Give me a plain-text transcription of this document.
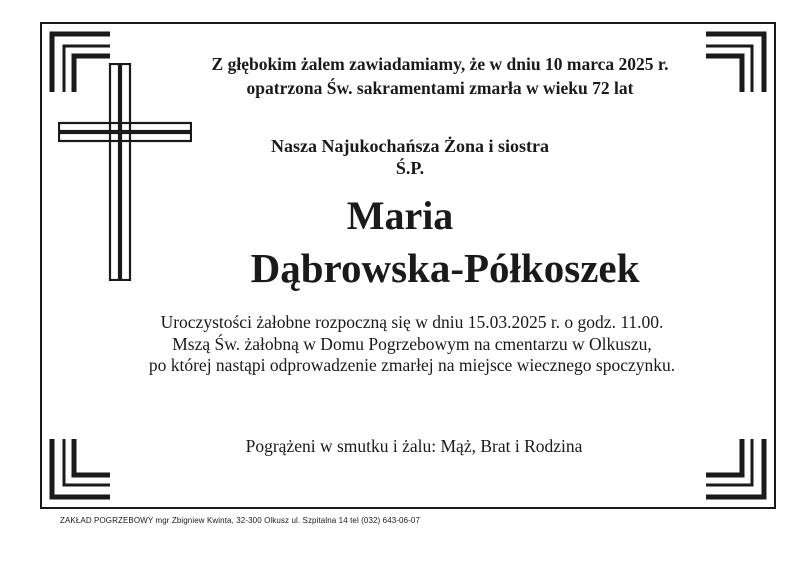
Z głębokim żalem zawiadamiamy, że w dniu 10 marca 2025 r.
opatrzona Św. sakramentami zmarła w wieku 72 lat
Nasza Najukochańsza Żona i siostra
Ś.P.
Maria
Dąbrowska-Półkoszek
Uroczystości żałobne rozpoczną się w dniu 15.03.2025 r. o godz. 11.00.
Mszą Św. żałobną w Domu Pogrzebowym na cmentarzu w Olkuszu,
po której nastąpi odprowadzenie zmarłej na miejsce wiecznego spoczynku.
Pogrążeni w smutku i żalu: Mąż, Brat i Rodzina
ZAKŁAD POGRZEBOWY mgr Zbigniew Kwinta, 32-300 Olkusz ul. Szpitalna 14 tel (032) 643-06-07
